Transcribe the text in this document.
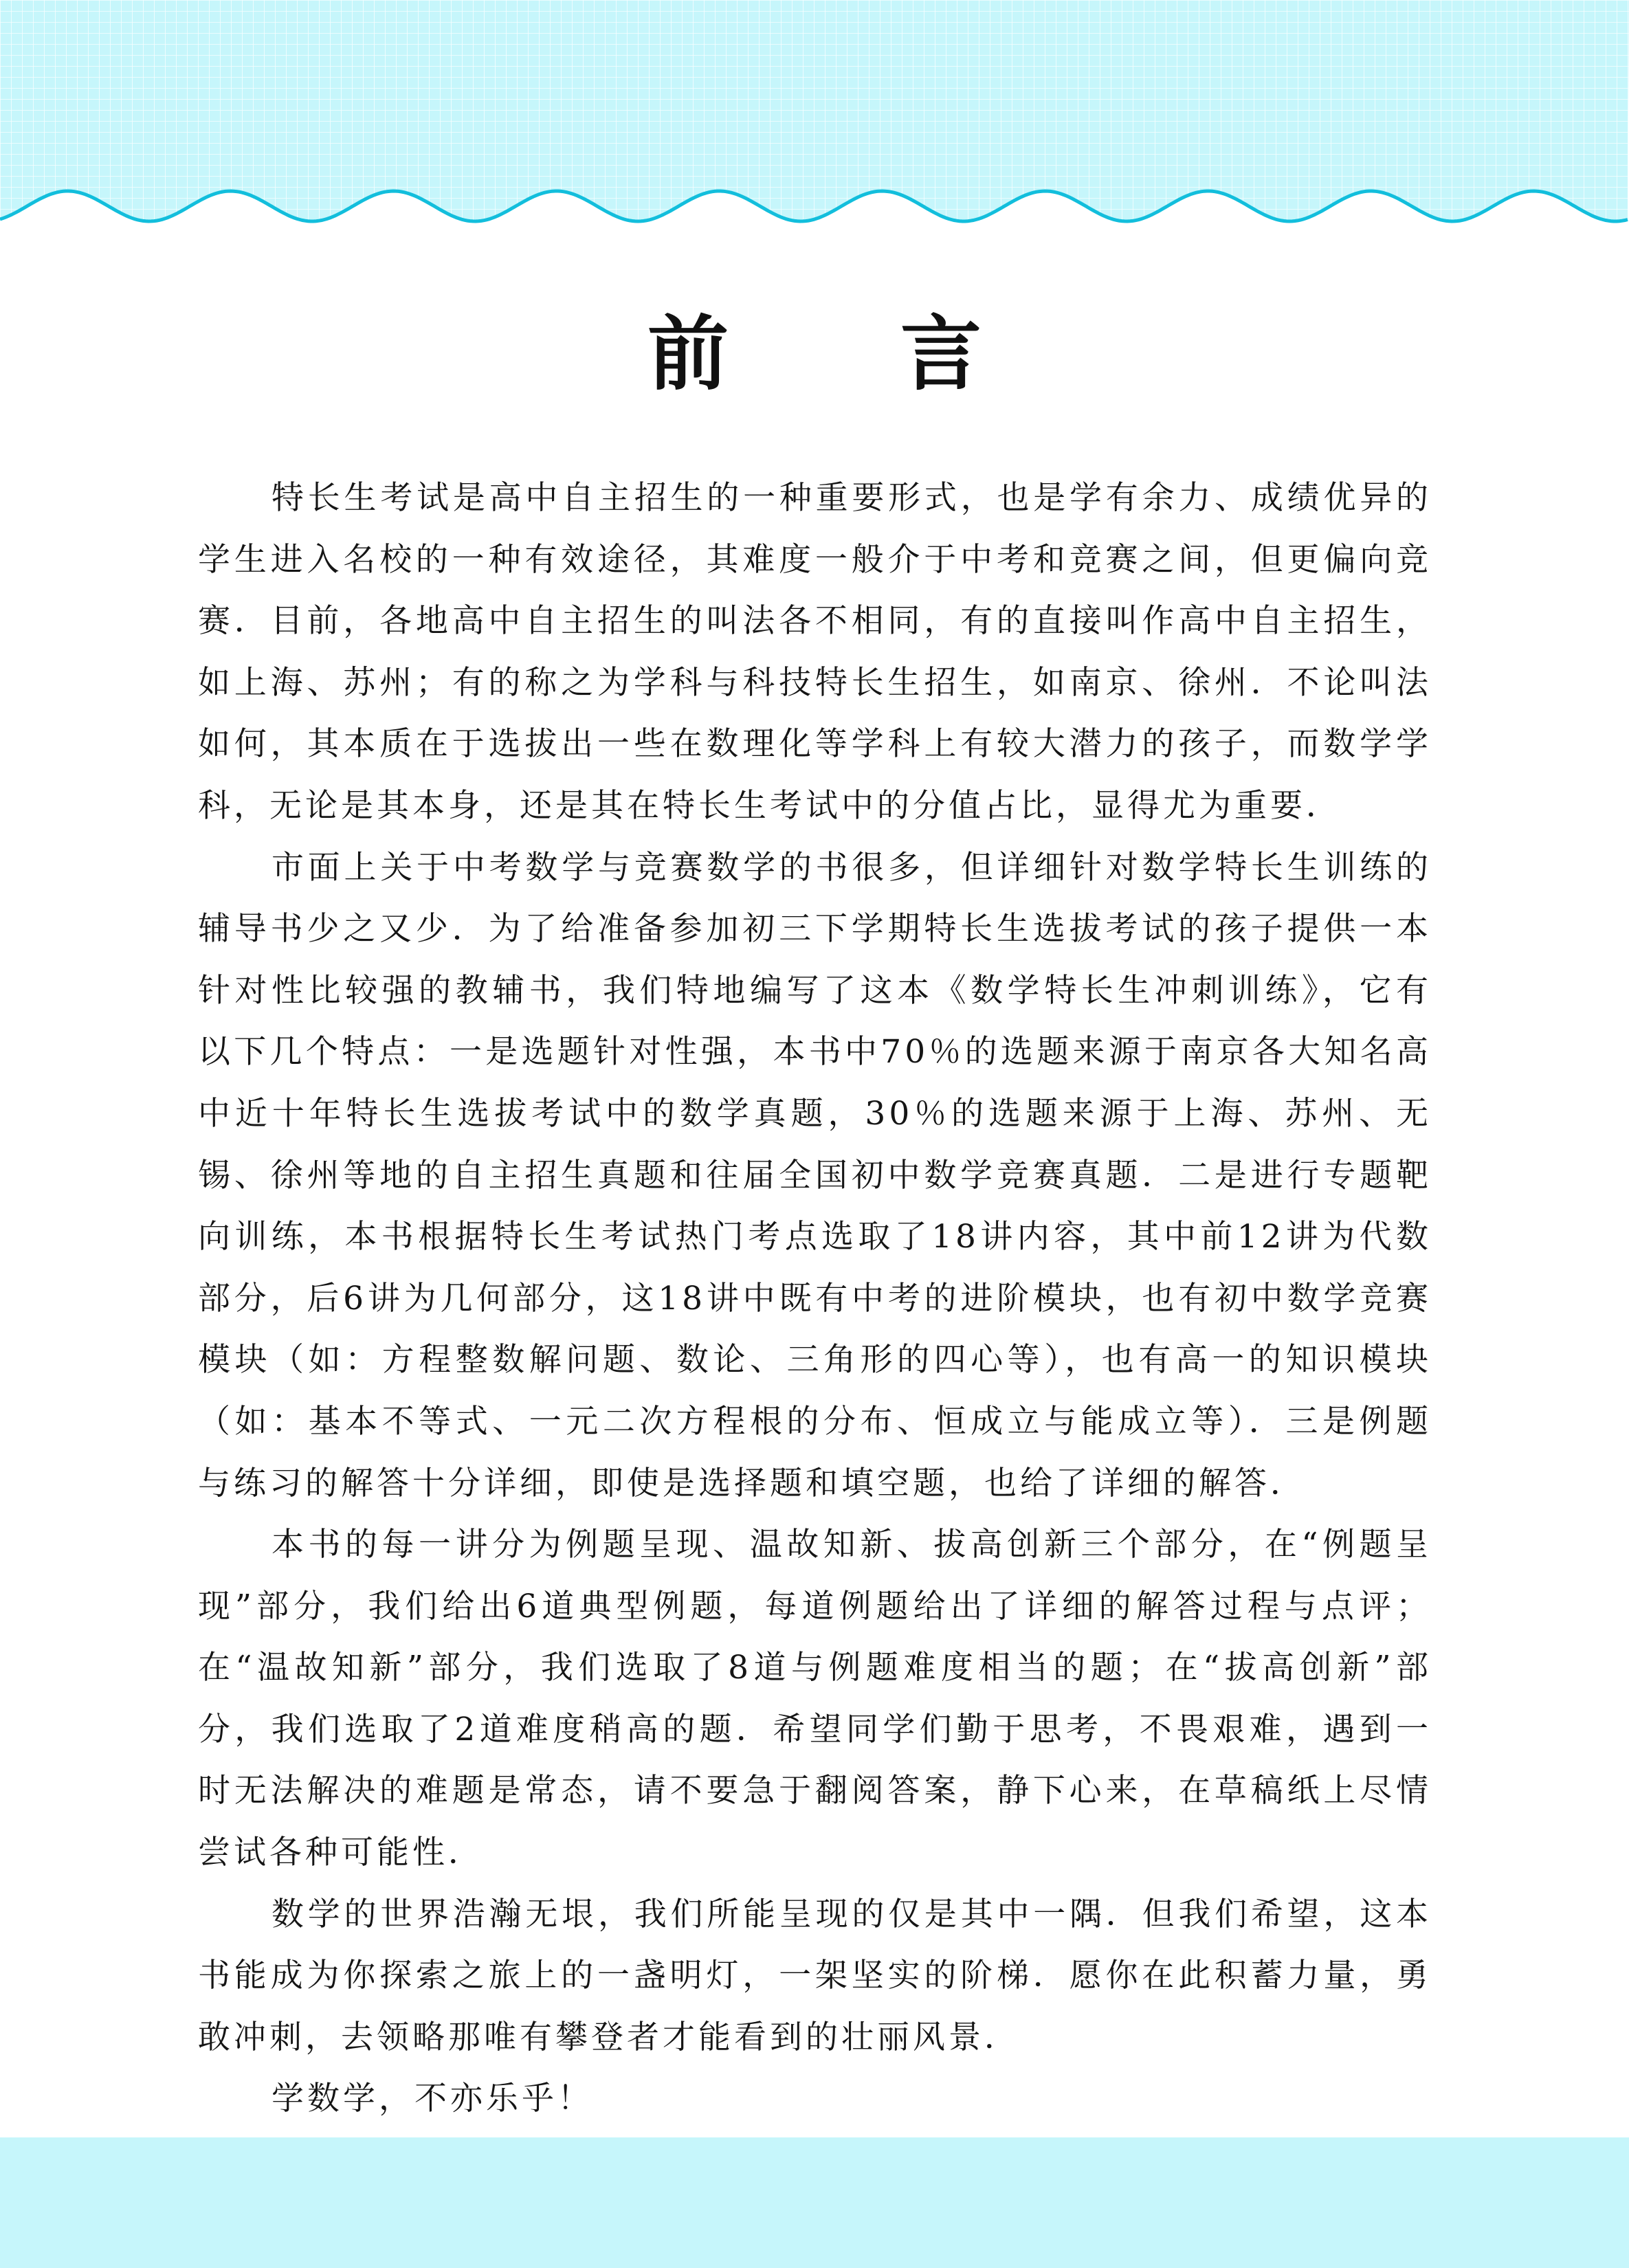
前言

特长生考试是高中自主招生的一种重要形式，也是学有余力、成绩优异的学生进入名校的一种有效途径，其难度一般介于中考和竞赛之间，但更偏向竞赛．目前，各地高中自主招生的叫法各不相同，有的直接叫作高中自主招生，如上海、苏州；有的称之为学科与科技特长生招生，如南京、徐州．不论叫法如何，其本质在于选拔出一些在数理化等学科上有较大潜力的孩子，而数学学科，无论是其本身，还是其在特长生考试中的分值占比，显得尤为重要．

市面上关于中考数学与竞赛数学的书很多，但详细针对数学特长生训练的辅导书少之又少．为了给准备参加初三下学期特长生选拔考试的孩子提供一本针对性比较强的教辅书，我们特地编写了这本《数学特长生冲刺训练》，它有以下几个特点：一是选题针对性强，本书中70％的选题来源于南京各大知名高中近十年特长生选拔考试中的数学真题，30％的选题来源于上海、苏州、无锡、徐州等地的自主招生真题和往届全国初中数学竞赛真题．二是进行专题靶向训练，本书根据特长生考试热门考点选取了18讲内容，其中前12讲为代数部分，后6讲为几何部分，这18讲中既有中考的进阶模块，也有初中数学竞赛模块（如：方程整数解问题、数论、三角形的四心等），也有高一的知识模块（如：基本不等式、一元二次方程根的分布、恒成立与能成立等）．三是例题与练习的解答十分详细，即使是选择题和填空题，也给了详细的解答．

本书的每一讲分为例题呈现、温故知新、拔高创新三个部分，在“例题呈现”部分，我们给出6道典型例题，每道例题给出了详细的解答过程与点评；在“温故知新”部分，我们选取了8道与例题难度相当的题；在“拔高创新”部分，我们选取了2道难度稍高的题．希望同学们勤于思考，不畏艰难，遇到一时无法解决的难题是常态，请不要急于翻阅答案，静下心来，在草稿纸上尽情尝试各种可能性．

数学的世界浩瀚无垠，我们所能呈现的仅是其中一隅．但我们希望，这本书能成为你探索之旅上的一盏明灯，一架坚实的阶梯．愿你在此积蓄力量，勇敢冲刺，去领略那唯有攀登者才能看到的壮丽风景．

学数学，不亦乐乎！
